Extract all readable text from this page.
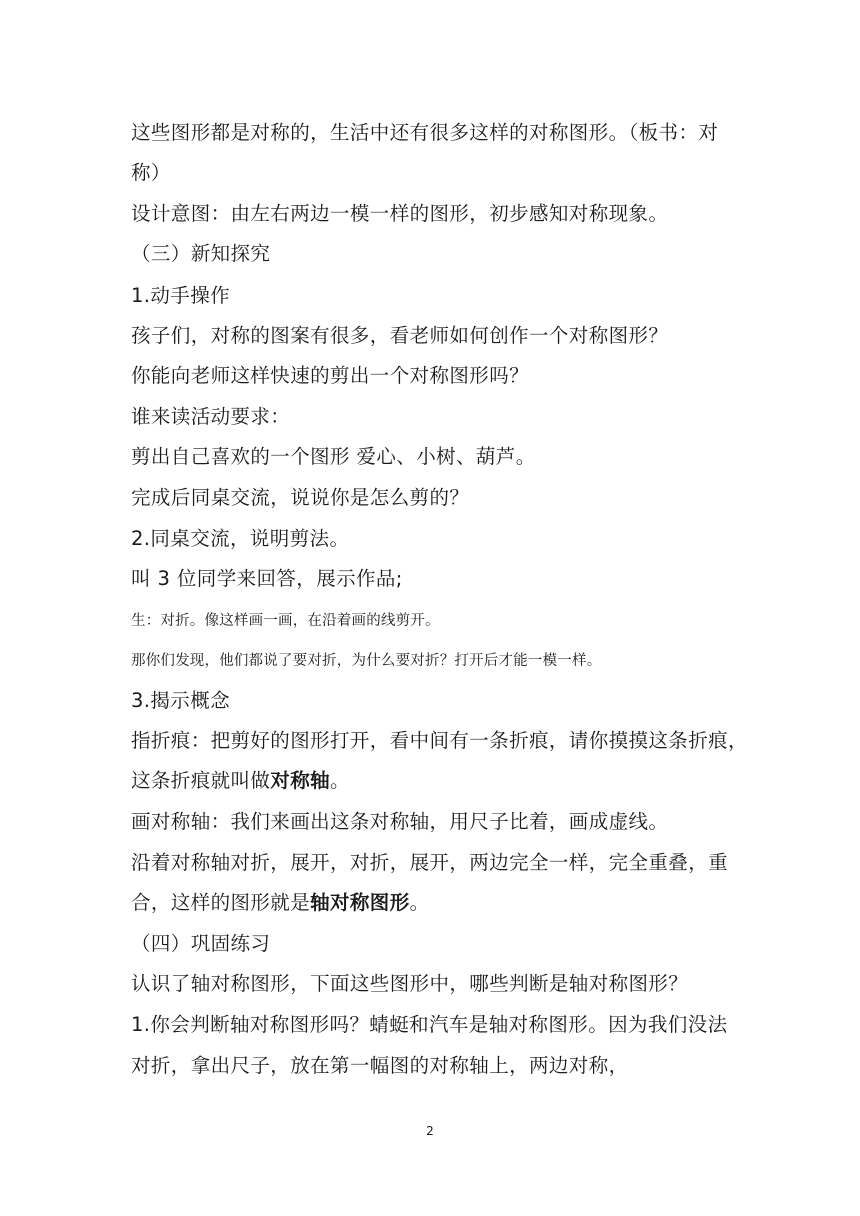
这些图形都是对称的，生活中还有很多这样的对称图形。（板书：对
称）
设计意图：由左右两边一模一样的图形，初步感知对称现象。
（三）新知探究
1.动手操作
孩子们，对称的图案有很多，看老师如何创作一个对称图形？
你能向老师这样快速的剪出一个对称图形吗？
谁来读活动要求：
剪出自己喜欢的一个图形 爱心、小树、葫芦。
完成后同桌交流，说说你是怎么剪的？
2.同桌交流，说明剪法。
叫 3 位同学来回答，展示作品;
生：对折。像这样画一画，在沿着画的线剪开。
那你们发现，他们都说了要对折，为什么要对折？打开后才能一模一样。
3.揭示概念
指折痕：把剪好的图形打开，看中间有一条折痕，请你摸摸这条折痕，
这条折痕就叫做对称轴。
画对称轴：我们来画出这条对称轴，用尺子比着，画成虚线。
沿着对称轴对折，展开，对折，展开，两边完全一样，完全重叠，重
合，这样的图形就是轴对称图形。
（四）巩固练习
认识了轴对称图形，下面这些图形中，哪些判断是轴对称图形？
1.你会判断轴对称图形吗？蜻蜓和汽车是轴对称图形。因为我们没法
对折，拿出尺子，放在第一幅图的对称轴上，两边对称，
2
